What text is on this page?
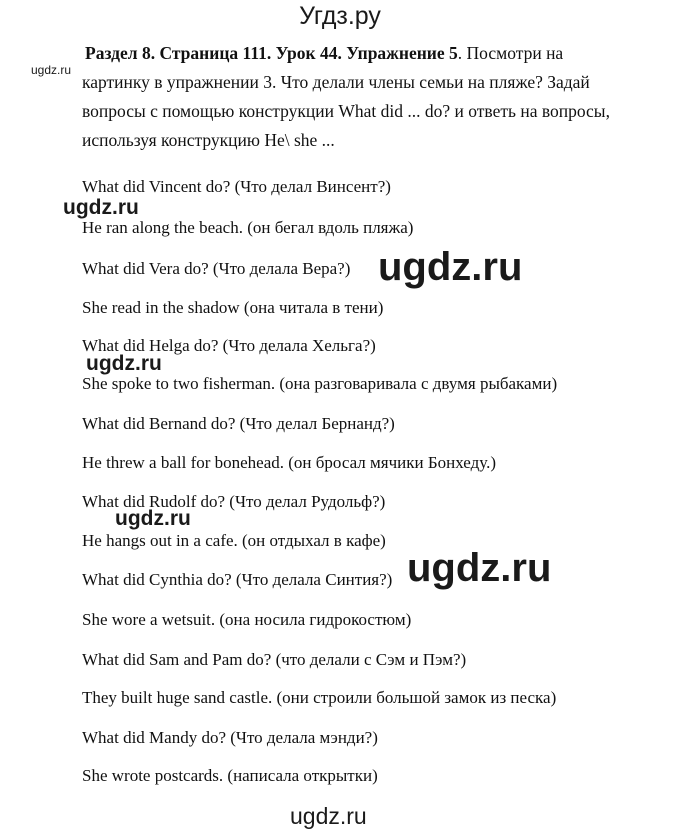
Угдз.ру
Раздел 8. Страница 111. Урок 44. Упражнение 5. Посмотри на картинку в упражнении 3. Что делали члены семьи на пляже? Задай вопросы с помощью конструкции What did ... do? и ответь на вопросы, используя конструкцию He\ she ...
ugdz.ru
What did Vincent do? (Что делал Винсент?)
He ran along the beach. (он бегал вдоль пляжа)
What did Vera do? (Что делала Вера?)
She read in the shadow (она читала в тени)
What did Helga do? (Что делала Хельга?)
She spoke to two fisherman. (она разговаривала с двумя рыбаками)
What did Bernand do? (Что делал Бернанд?)
He threw a ball for bonehead. (он бросал мячики Бонхеду.)
What did Rudolf do? (Что делал Рудольф?)
He hangs out in a cafe. (он отдыхал в кафе)
What did Cynthia do? (Что делала Синтия?)
She wore a wetsuit. (она носила гидрокостюм)
What did Sam and Pam do? (что делали с Сэм и Пэм?)
They built huge sand castle. (они строили большой замок из песка)
What did Mandy do? (Что делала мэнди?)
She wrote postcards. (написала открытки)
ugdz.ru
ugdz.ru
ugdz.ru
ugdz.ru
ugdz.ru
ugdz.ru
